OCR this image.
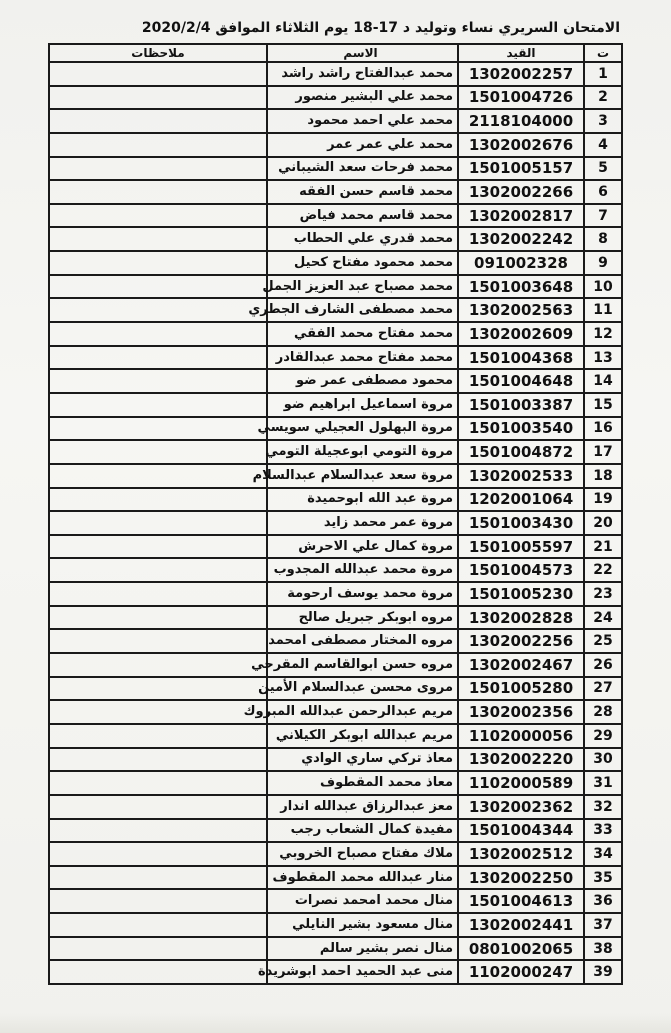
الامتحان السريري نساء وتوليد د 17-18 يوم الثلاثاء الموافق 2020/2/4
ت	القيد	الاسم	ملاحظات
1	1302002257	محمد عبدالفتاح راشد راشد	
2	1501004726	محمد علي البشير منصور	
3	2118104000	محمد علي احمد محمود	
4	1302002676	محمد علي عمر عمر	
5	1501005157	محمد فرحات سعد الشيباني	
6	1302002266	محمد قاسم حسن الفقه	
7	1302002817	محمد قاسم محمد فياض	
8	1302002242	محمد قدري علي الحطاب	
9	091002328	محمد محمود مفتاح كحيل	
10	1501003648	محمد مصباح عبد العزيز الجمل	
11	1302002563	محمد مصطفى الشارف الجطري	
12	1302002609	محمد مفتاح محمد الفقي	
13	1501004368	محمد مفتاح محمد عبدالقادر	
14	1501004648	محمود مصطفى عمر ضو	
15	1501003387	مروة اسماعيل ابراهيم ضو	
16	1501003540	مروة البهلول العجيلي سويسي	
17	1501004872	مروة التومي ابوعجيلة التومي	
18	1302002533	مروة سعد عبدالسلام عبدالسلام	
19	1202001064	مروة عبد الله ابوحميدة	
20	1501003430	مروة عمر محمد زايد	
21	1501005597	مروة كمال علي الاحرش	
22	1501004573	مروة محمد عبدالله المجدوب	
23	1501005230	مروة محمد يوسف ارحومة	
24	1302002828	مروه ابوبكر جبريل صالح	
25	1302002256	مروه المختار مصطفى امحمد	
26	1302002467	مروه حسن ابوالقاسم المقرحي	
27	1501005280	مروى محسن عبدالسلام الأمين	
28	1302002356	مريم عبدالرحمن عبدالله المبروك	
29	1102000056	مريم عبدالله ابوبكر الكيلاني	
30	1302002220	معاذ تركي ساري الوادي	
31	1102000589	معاذ محمد المقطوف	
32	1302002362	معز عبدالرزاق عبدالله اندار	
33	1501004344	مفيدة كمال الشعاب رجب	
34	1302002512	ملاك مفتاح مصباح الخروبي	
35	1302002250	منار عبدالله محمد المقطوف	
36	1501004613	منال محمد امحمد نصرات	
37	1302002441	منال مسعود بشير النايلي	
38	0801002065	منال نصر بشير سالم	
39	1102000247	منى عبد الحميد احمد ابوشريدة	
